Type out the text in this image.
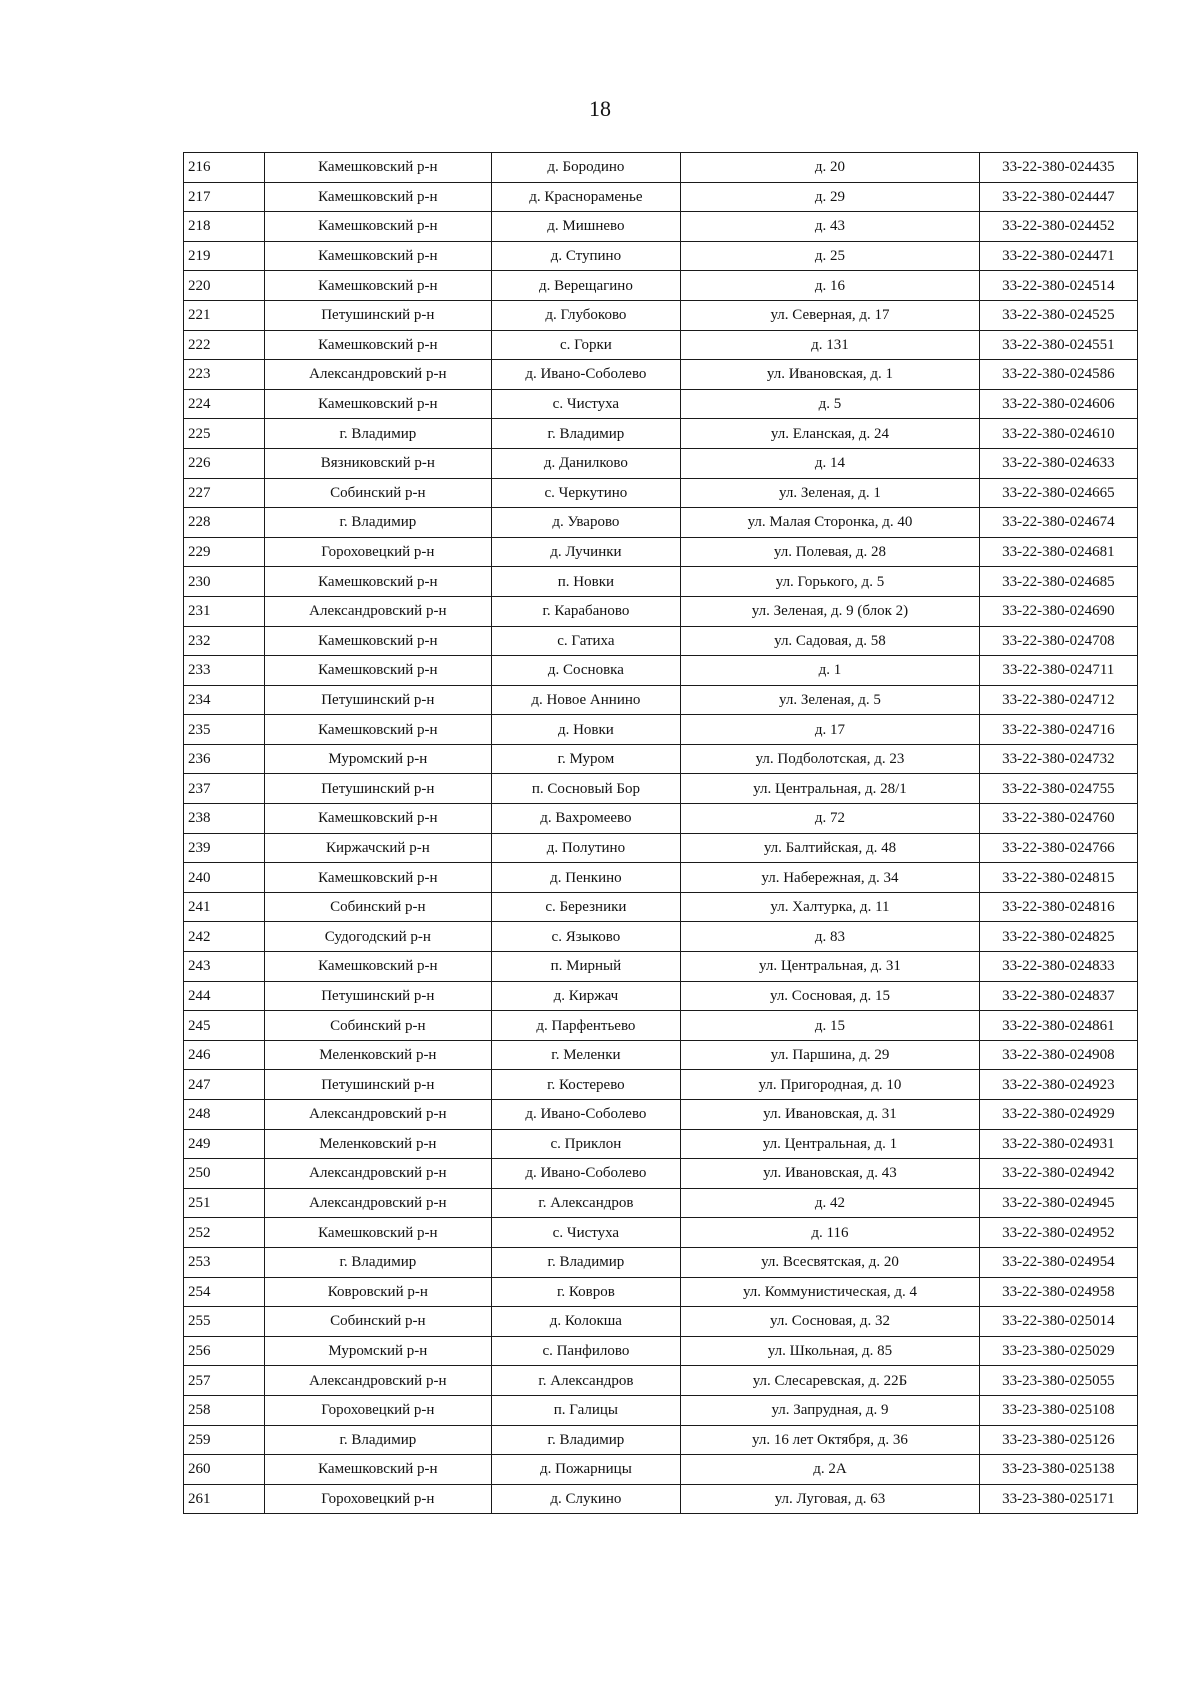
18
216	Камешковский р-н	д. Бородино	д. 20	33-22-380-024435
217	Камешковский р-н	д. Краснораменье	д. 29	33-22-380-024447
218	Камешковский р-н	д. Мишнево	д. 43	33-22-380-024452
219	Камешковский р-н	д. Ступино	д. 25	33-22-380-024471
220	Камешковский р-н	д. Верещагино	д. 16	33-22-380-024514
221	Петушинский р-н	д. Глубоково	ул. Северная, д. 17	33-22-380-024525
222	Камешковский р-н	с. Горки	д. 131	33-22-380-024551
223	Александровский р-н	д. Ивано-Соболево	ул. Ивановская, д. 1	33-22-380-024586
224	Камешковский р-н	с. Чистуха	д. 5	33-22-380-024606
225	г. Владимир	г. Владимир	ул. Еланская, д. 24	33-22-380-024610
226	Вязниковский р-н	д. Данилково	д. 14	33-22-380-024633
227	Собинский р-н	с. Черкутино	ул. Зеленая, д. 1	33-22-380-024665
228	г. Владимир	д. Уварово	ул. Малая Сторонка, д. 40	33-22-380-024674
229	Гороховецкий р-н	д. Лучинки	ул. Полевая, д. 28	33-22-380-024681
230	Камешковский р-н	п. Новки	ул. Горького, д. 5	33-22-380-024685
231	Александровский р-н	г. Карабаново	ул. Зеленая, д. 9 (блок 2)	33-22-380-024690
232	Камешковский р-н	с. Гатиха	ул. Садовая, д. 58	33-22-380-024708
233	Камешковский р-н	д. Сосновка	д. 1	33-22-380-024711
234	Петушинский р-н	д. Новое Аннино	ул. Зеленая, д. 5	33-22-380-024712
235	Камешковский р-н	д. Новки	д. 17	33-22-380-024716
236	Муромский р-н	г. Муром	ул. Подболотская, д. 23	33-22-380-024732
237	Петушинский р-н	п. Сосновый Бор	ул. Центральная, д. 28/1	33-22-380-024755
238	Камешковский р-н	д. Вахромеево	д. 72	33-22-380-024760
239	Киржачский р-н	д. Полутино	ул. Балтийская, д. 48	33-22-380-024766
240	Камешковский р-н	д. Пенкино	ул. Набережная, д. 34	33-22-380-024815
241	Собинский р-н	с. Березники	ул. Халтурка, д. 11	33-22-380-024816
242	Судогодский р-н	с. Языково	д. 83	33-22-380-024825
243	Камешковский р-н	п. Мирный	ул. Центральная, д. 31	33-22-380-024833
244	Петушинский р-н	д. Киржач	ул. Сосновая, д. 15	33-22-380-024837
245	Собинский р-н	д. Парфентьево	д. 15	33-22-380-024861
246	Меленковский р-н	г. Меленки	ул. Паршина, д. 29	33-22-380-024908
247	Петушинский р-н	г. Костерево	ул. Пригородная, д. 10	33-22-380-024923
248	Александровский р-н	д. Ивано-Соболево	ул. Ивановская, д. 31	33-22-380-024929
249	Меленковский р-н	с. Приклон	ул. Центральная, д. 1	33-22-380-024931
250	Александровский р-н	д. Ивано-Соболево	ул. Ивановская, д. 43	33-22-380-024942
251	Александровский р-н	г. Александров	д. 42	33-22-380-024945
252	Камешковский р-н	с. Чистуха	д. 116	33-22-380-024952
253	г. Владимир	г. Владимир	ул. Всесвятская, д. 20	33-22-380-024954
254	Ковровский р-н	г. Ковров	ул. Коммунистическая, д. 4	33-22-380-024958
255	Собинский р-н	д. Колокша	ул. Сосновая, д. 32	33-22-380-025014
256	Муромский р-н	с. Панфилово	ул. Школьная, д. 85	33-23-380-025029
257	Александровский р-н	г. Александров	ул. Слесаревская, д. 22Б	33-23-380-025055
258	Гороховецкий р-н	п. Галицы	ул. Запрудная, д. 9	33-23-380-025108
259	г. Владимир	г. Владимир	ул. 16 лет Октября, д. 36	33-23-380-025126
260	Камешковский р-н	д. Пожарницы	д. 2А	33-23-380-025138
261	Гороховецкий р-н	д. Слукино	ул. Луговая, д. 63	33-23-380-025171
